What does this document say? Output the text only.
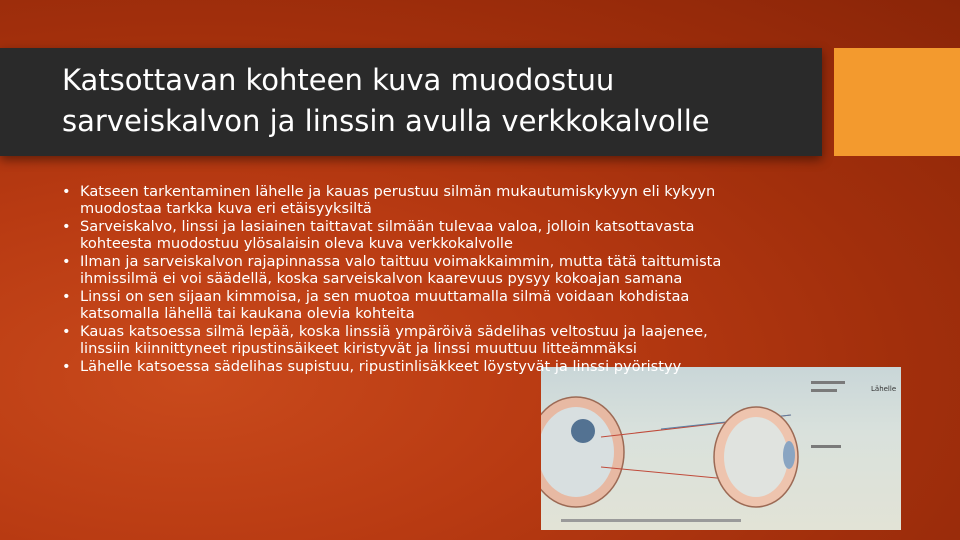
Katsottavan kohteen kuva muodostuu
sarveiskalvon ja linssin avulla verkkokalvolle
Lähelle
• Katseen tarkentaminen lähelle ja kauas perustuu silmän mukautumiskykyyn eli kykyyn
muodostaa tarkka kuva eri etäisyyksiltä
• Sarveiskalvo, linssi ja lasiainen taittavat silmään tulevaa valoa, jolloin katsottavasta
kohteesta muodostuu ylösalaisin oleva kuva verkkokalvolle
• Ilman ja sarveiskalvon rajapinnassa valo taittuu voimakkaimmin, mutta tätä taittumista
ihmissilmä ei voi säädellä, koska sarveiskalvon kaarevuus pysyy kokoajan samana
• Linssi on sen sijaan kimmoisa, ja sen muotoa muuttamalla silmä voidaan kohdistaa
katsomalla lähellä tai kaukana olevia kohteita
• Kauas katsoessa silmä lepää, koska linssiä ympäröivä sädelihas veltostuu ja laajenee,
linssiin kiinnittyneet ripustinsäikeet kiristyvät ja linssi muuttuu litteämmäksi
• Lähelle katsoessa sädelihas supistuu, ripustinlisäkkeet löystyvät ja linssi pyöristyy
